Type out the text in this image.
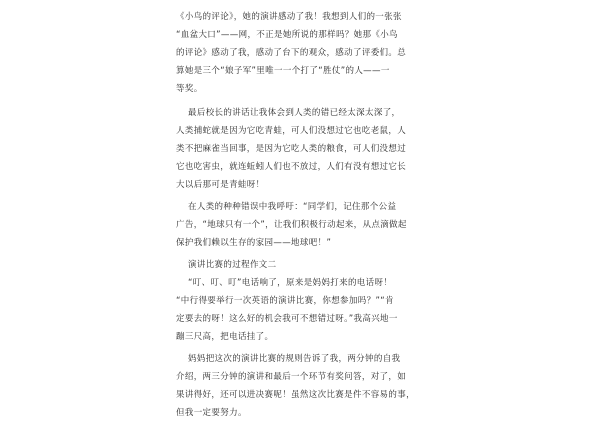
《小鸟的评论》，她的演讲感动了我！我想到人们的一张张
“血盆大口”——网，不正是她所说的那样吗？她那《小鸟
的评论》感动了我，感动了台下的观众，感动了评委们。总
算她是三个“娘子军”里唯一一个打了“胜仗”的人——一
等奖。
最后校长的讲话让我体会到人类的错已经太深太深了，
人类捕蛇就是因为它吃青蛙，可人们没想过它也吃老鼠，人
类不把麻雀当回事，是因为它吃人类的粮食，可人们没想过
它也吃害虫，就连蚯蚓人们也不放过，人们有没有想过它长
大以后那可是青蛙呀！
在人类的种种错误中我呼吁：“同学们，记住那个公益
广告，“地球只有一个”，让我们积极行动起来，从点滴做起
保护我们赖以生存的家园——地球吧！”
演讲比赛的过程作文二
“叮、叮、叮”电话响了，原来是妈妈打来的电话呀！
“中行得要举行一次英语的演讲比赛，你想参加吗？”“肯
定要去的呀！这么好的机会我可不想错过呀。”我高兴地一
蹦三尺高，把电话挂了。
妈妈把这次的演讲比赛的规则告诉了我，两分钟的自我
介绍，两三分钟的演讲和最后一个环节有奖问答，对了，如
果讲得好，还可以进决赛呢！虽然这次比赛是件不容易的事，
但我一定要努力。
